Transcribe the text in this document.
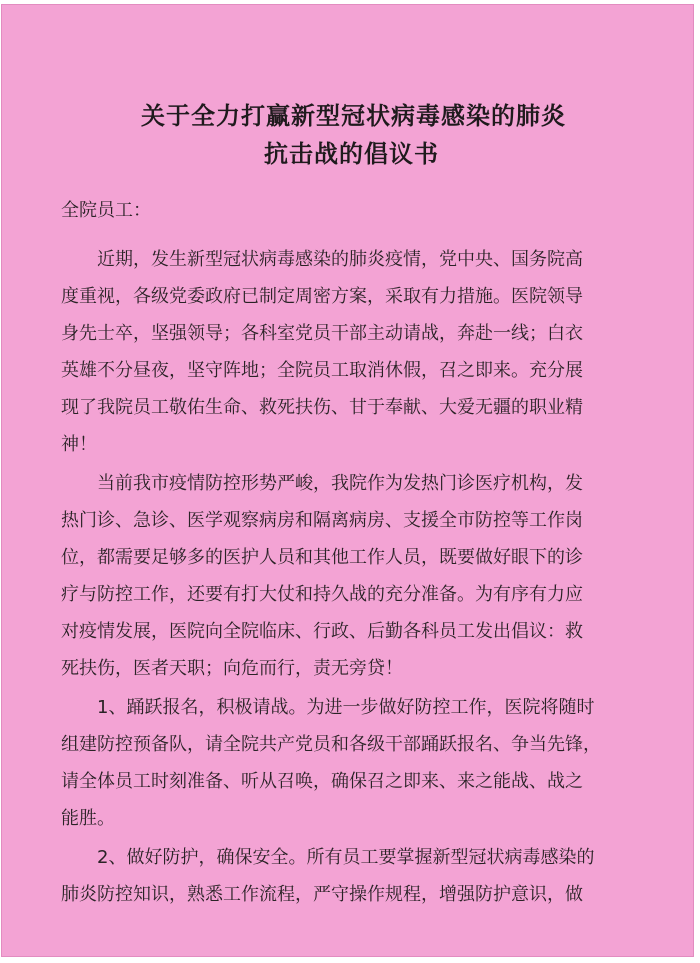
关于全力打赢新型冠状病毒感染的肺炎
抗击战的倡议书
全院员工：
近期，发生新型冠状病毒感染的肺炎疫情，党中央、国务院高
度重视，各级党委政府已制定周密方案，采取有力措施。医院领导
身先士卒，坚强领导；各科室党员干部主动请战，奔赴一线；白衣
英雄不分昼夜，坚守阵地；全院员工取消休假，召之即来。充分展
现了我院员工敬佑生命、救死扶伤、甘于奉献、大爱无疆的职业精
神！
当前我市疫情防控形势严峻，我院作为发热门诊医疗机构，发
热门诊、急诊、医学观察病房和隔离病房、支援全市防控等工作岗
位，都需要足够多的医护人员和其他工作人员，既要做好眼下的诊
疗与防控工作，还要有打大仗和持久战的充分准备。为有序有力应
对疫情发展，医院向全院临床、行政、后勤各科员工发出倡议：救
死扶伤，医者天职；向危而行，责无旁贷！
1、踊跃报名，积极请战。为进一步做好防控工作，医院将随时
组建防控预备队，请全院共产党员和各级干部踊跃报名、争当先锋，
请全体员工时刻准备、听从召唤，确保召之即来、来之能战、战之
能胜。
2、做好防护，确保安全。所有员工要掌握新型冠状病毒感染的
肺炎防控知识，熟悉工作流程，严守操作规程，增强防护意识，做
